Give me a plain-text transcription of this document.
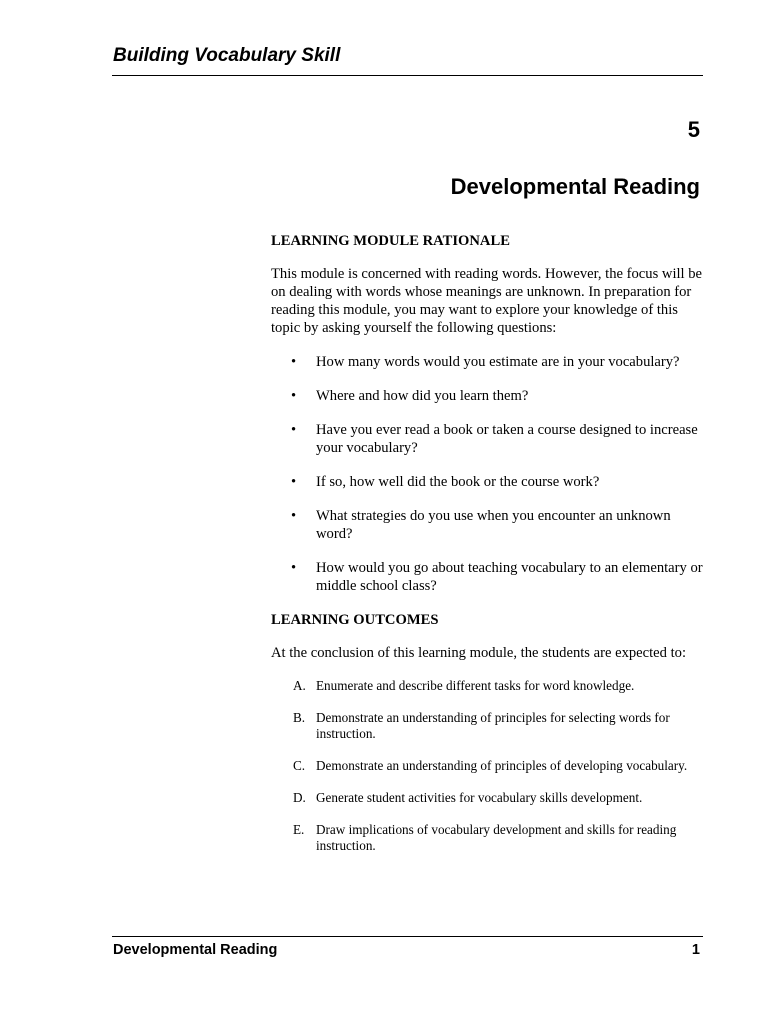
Building Vocabulary Skill
5
Developmental Reading

LEARNING MODULE RATIONALE

This module is concerned with reading words. However, the focus will be on dealing with words whose meanings are unknown. In preparation for reading this module, you may want to explore your knowledge of this topic by asking yourself the following questions:

• How many words would you estimate are in your vocabulary?
• Where and how did you learn them?
• Have you ever read a book or taken a course designed to increase your vocabulary?
• If so, how well did the book or the course work?
• What strategies do you use when you encounter an unknown word?
• How would you go about teaching vocabulary to an elementary or middle school class?

LEARNING OUTCOMES

At the conclusion of this learning module, the students are expected to:

A. Enumerate and describe different tasks for word knowledge.
B. Demonstrate an understanding of principles for selecting words for instruction.
C. Demonstrate an understanding of principles of developing vocabulary.
D. Generate student activities for vocabulary skills development.
E. Draw implications of vocabulary development and skills for reading instruction.
Developmental Reading	1
